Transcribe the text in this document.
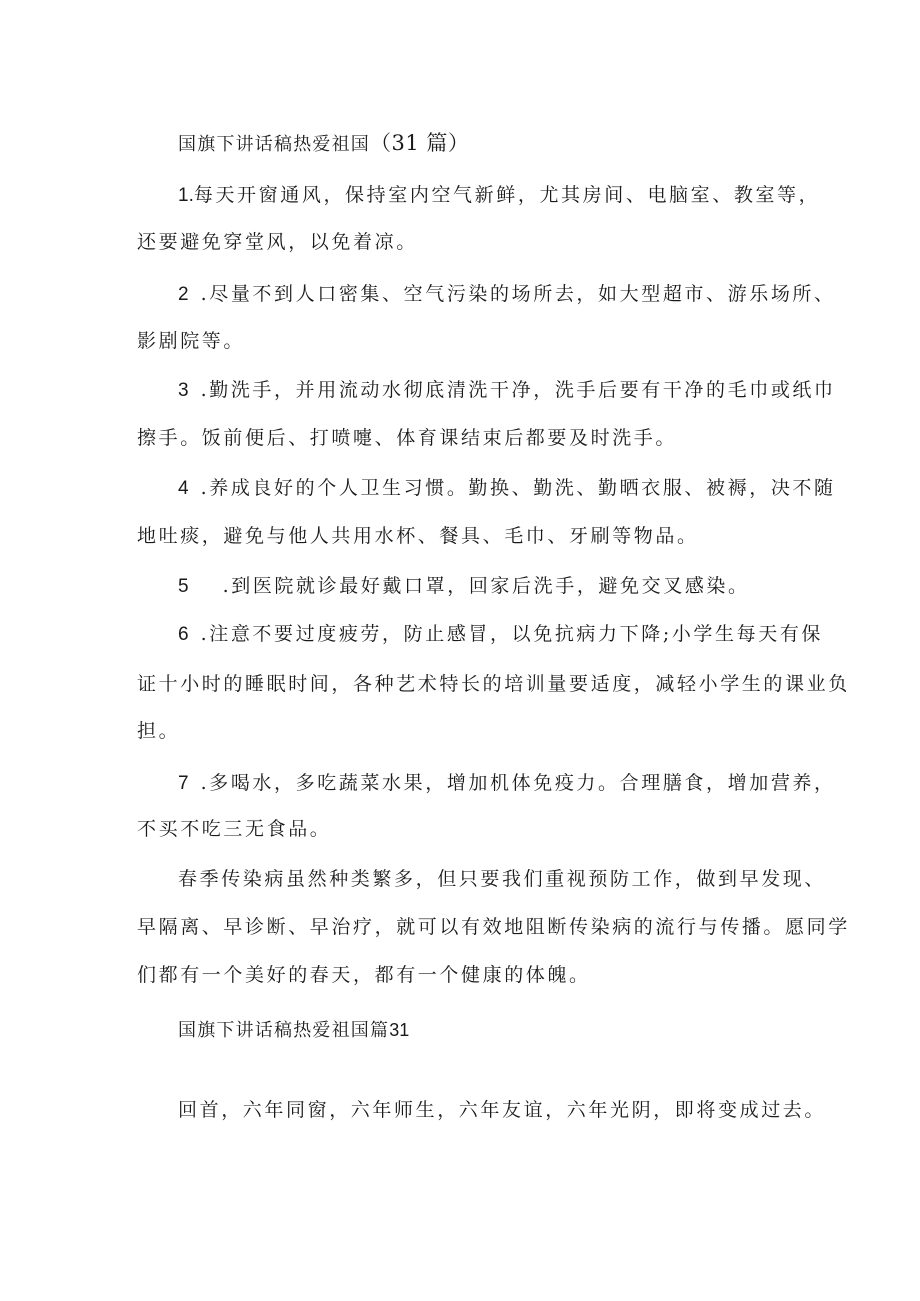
国旗下讲话稿热爱祖国（31 篇）
1.每天开窗通风，保持室内空气新鲜，尤其房间、电脑室、教室等，
还要避免穿堂风，以免着凉。
2 .尽量不到人口密集、空气污染的场所去，如大型超市、游乐场所、
影剧院等。
3 .勤洗手，并用流动水彻底清洗干净，洗手后要有干净的毛巾或纸巾
擦手。饭前便后、打喷嚏、体育课结束后都要及时洗手。
4 .养成良好的个人卫生习惯。勤换、勤洗、勤晒衣服、被褥，决不随
地吐痰，避免与他人共用水杯、餐具、毛巾、牙刷等物品。
5 .到医院就诊最好戴口罩，回家后洗手，避免交叉感染。
6 .注意不要过度疲劳，防止感冒，以免抗病力下降;小学生每天有保
证十小时的睡眠时间，各种艺术特长的培训量要适度，减轻小学生的课业负
担。
7 .多喝水，多吃蔬菜水果，增加机体免疫力。合理膳食，增加营养，
不买不吃三无食品。
春季传染病虽然种类繁多，但只要我们重视预防工作，做到早发现、
早隔离、早诊断、早治疗，就可以有效地阻断传染病的流行与传播。愿同学
们都有一个美好的春天，都有一个健康的体魄。
国旗下讲话稿热爱祖国篇31
回首，六年同窗，六年师生，六年友谊，六年光阴，即将变成过去。
